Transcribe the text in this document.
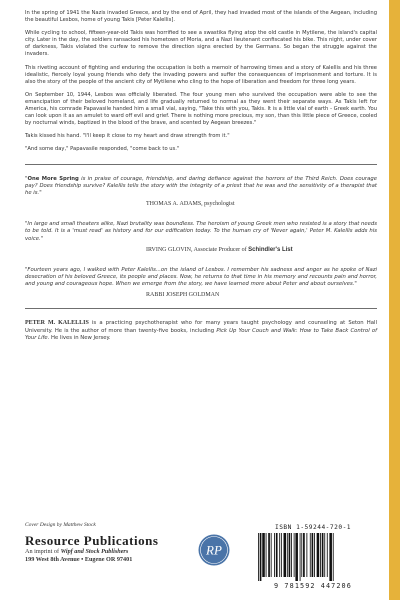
In the spring of 1941 the Nazis invaded Greece, and by the end of April, they had invaded most of the islands of the Aegean, including the beautiful Lesbos, home of young Takis [Peter Kalellis].

While cycling to school, fifteen-year-old Takis was horrified to see a swastika flying atop the old castle in Mytilene, the island's capital city. Later in the day, the soldiers ransacked his hometown of Moria, and a Nazi lieutenant confiscated his bike. This night, under cover of darkness, Takis violated the curfew to remove the direction signs erected by the Germans. So began the struggle against the invaders.

This riveting account of fighting and enduring the occupation is both a memoir of harrowing times and a story of Kalellis and his three idealistic, fiercely loyal young friends who defy the invading powers and suffer the consequences of imprisonment and torture. It is also the story of the people of the ancient city of Mytilene who cling to the hope of liberation and freedom for three long years.

On September 10, 1944, Lesbos was officially liberated. The four young men who survived the occupation were able to see the emancipation of their beloved homeland, and life gradually returned to normal as they went their separate ways. As Takis left for America, his comrade Papavasile handed him a small vial, saying, "Take this with you, Takis. It is a little vial of earth - Greek earth. You can look upon it as an amulet to ward off evil and grief. There is nothing more precious, my son, than this little piece of Greece, cooled by nocturnal winds, baptized in the blood of the brave, and scented by Aegean breezes."

Takis kissed his hand. "I'll keep it close to my heart and draw strength from it."

"And some day," Papavasile responded, "come back to us."

"One More Spring is in praise of courage, friendship, and daring defiance against the horrors of the Third Reich. Does courage pay? Does friendship survive? Kalellis tells the story with the integrity of a priest that he was and the sensitivity of a therapist that he is."

THOMAS A. ADAMS, psychologist

"In large and small theaters alike, Nazi brutality was boundless. The heroism of young Greek men who resisted is a story that needs to be told. It is a 'must read' as history and for our edification today. To the human cry of 'Never again,' Peter M. Kalellis adds his voice."

IRVING GLOVIN, Associate Producer of Schindler's List

"Fourteen years ago, I walked with Peter Kalellis...on the island of Lesbos. I remember his sadness and anger as he spoke of Nazi desecration of his beloved Greece, its people and places. Now, he returns to that time in his memory and recounts pain and horror, and young and courageous hope. When we emerge from the story, we have learned more about Peter and about ourselves."

RABBI JOSEPH GOLDMAN

PETER M. KALELLIS is a practicing psychotherapist who for many years taught psychology and counseling at Seton Hall University. He is the author of more than twenty-five books, including Pick Up Your Couch and Walk: How to Take Back Control of Your Life. He lives in New Jersey.

Cover Design by Matthew Stock
Resource Publications
An imprint of Wipf and Stock Publishers
199 West 8th Avenue • Eugene OR 97401
RP
ISBN 1-59244-720-1
9 781592 447206
